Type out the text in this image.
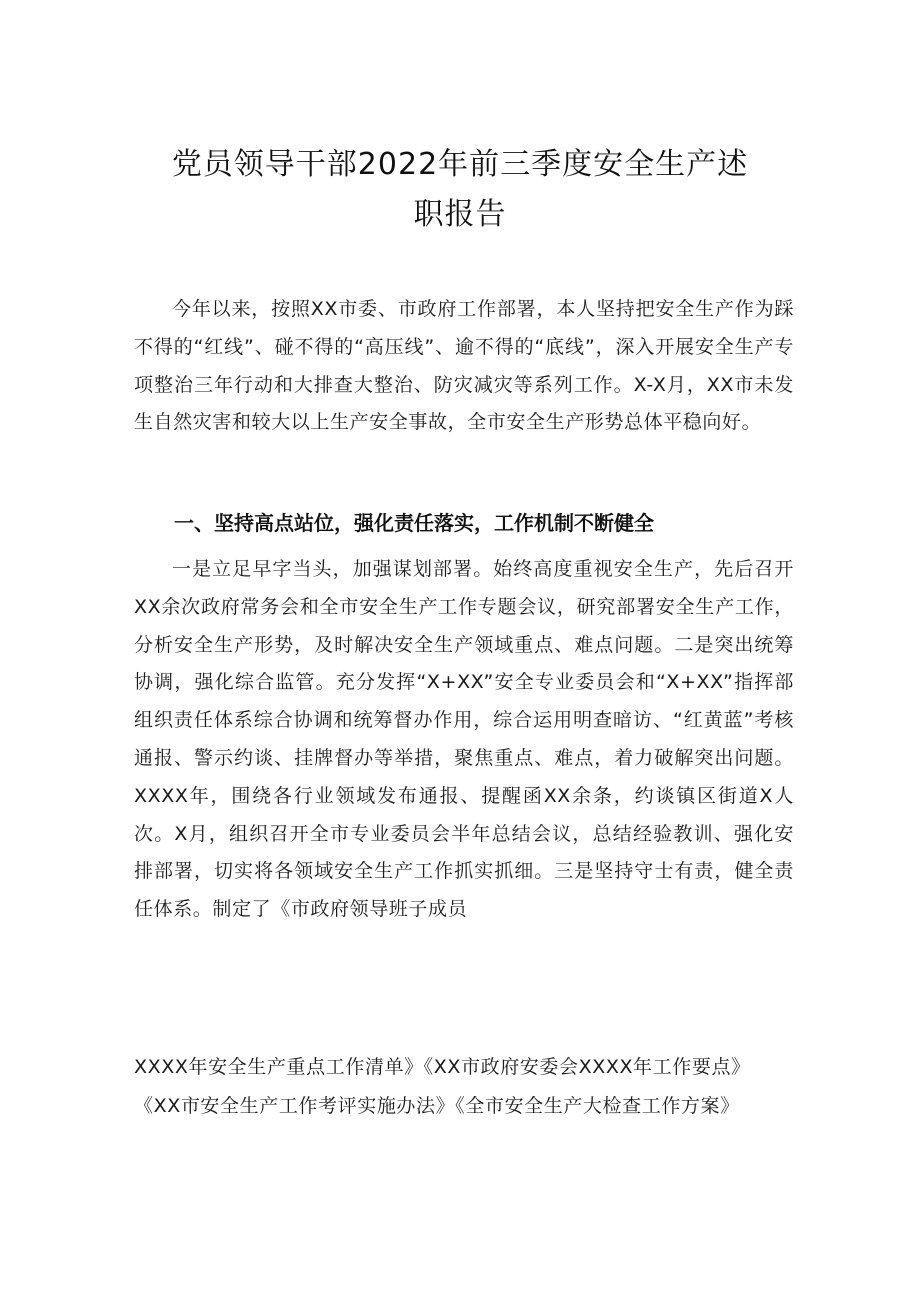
党员领导干部2022年前三季度安全生产述

职报告

今年以来，按照XX市委、市政府工作部署，本人坚持把安全生产作为踩不得的“红线”、碰不得的“高压线”、逾不得的“底线”，深入开展安全生产专项整治三年行动和大排查大整治、防灾减灾等系列工作。X-X月，XX市未发生自然灾害和较大以上生产安全事故，全市安全生产形势总体平稳向好。

一、坚持高点站位，强化责任落实，工作机制不断健全

一是立足早字当头，加强谋划部署。始终高度重视安全生产，先后召开XX余次政府常务会和全市安全生产工作专题会议，研究部署安全生产工作，分析安全生产形势，及时解决安全生产领域重点、难点问题。二是突出统筹协调，强化综合监管。充分发挥“X+XX”安全专业委员会和“X+XX”指挥部组织责任体系综合协调和统筹督办作用，综合运用明查暗访、“红黄蓝”考核通报、警示约谈、挂牌督办等举措，聚焦重点、难点，着力破解突出问题。XXXX年，围绕各行业领域发布通报、提醒函XX余条，约谈镇区街道X人次。X月，组织召开全市专业委员会半年总结会议，总结经验教训、强化安排部署，切实将各领域安全生产工作抓实抓细。三是坚持守士有责，健全责任体系。制定了《市政府领导班子成员

XXXX年安全生产重点工作清单》《XX市政府安委会XXXX年工作要点》

《XX市安全生产工作考评实施办法》《全市安全生产大检查工作方案》
